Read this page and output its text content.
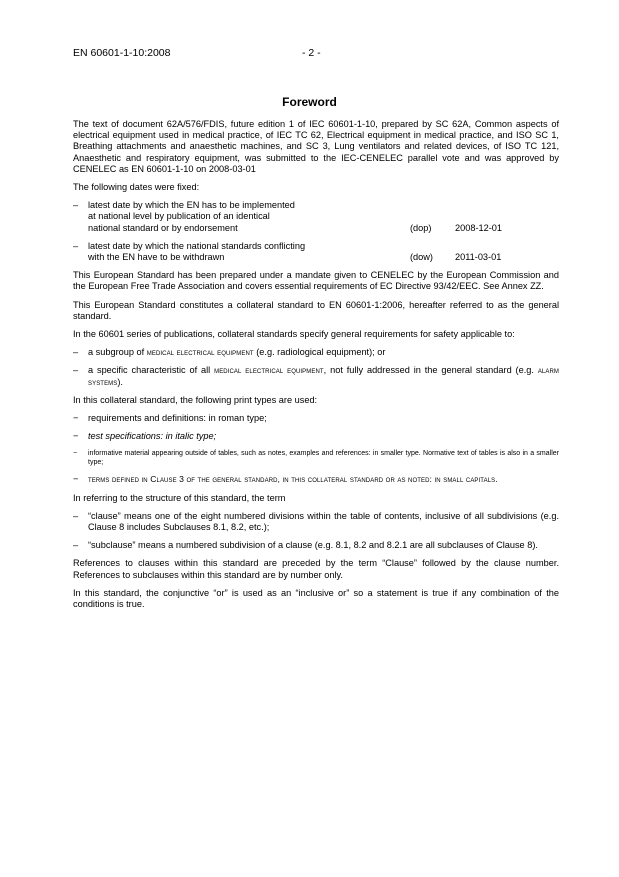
EN 60601-1-10:2008	- 2 -
Foreword

The text of document 62A/576/FDIS, future edition 1 of IEC 60601-1-10, prepared by SC 62A, Common aspects of electrical equipment used in medical practice, of IEC TC 62, Electrical equipment in medical practice, and ISO SC 1, Breathing attachments and anaesthetic machines, and SC 3, Lung ventilators and related devices, of ISO TC 121, Anaesthetic and respiratory equipment, was submitted to the IEC-CENELEC parallel vote and was approved by CENELEC as EN 60601-1-10 on 2008-03-01

The following dates were fixed:

– latest date by which the EN has to be implemented
at national level by publication of an identical
national standard or by endorsement	(dop)	2008-12-01
– latest date by which the national standards conflicting
with the EN have to be withdrawn	(dow) 2011-03-01

This European Standard has been prepared under a mandate given to CENELEC by the European Commission and the European Free Trade Association and covers essential requirements of EC Directive 93/42/EEC. See Annex ZZ.

This European Standard constitutes a collateral standard to EN 60601-1:2006, hereafter referred to as the general standard.

In the 60601 series of publications, collateral standards specify general requirements for safety applicable to:

– a subgroup of medical electrical equipment (e.g. radiological equipment); or
– a specific characteristic of all medical electrical equipment, not fully addressed in the general standard (e.g. alarm systems).

In this collateral standard, the following print types are used:

− requirements and definitions: in roman type;
− test specifications: in italic type;
− informative material appearing outside of tables, such as notes, examples and references: in smaller type. Normative text of tables is also in a smaller type;
− terms defined in Clause 3 of the general standard, in this collateral standard or as noted: in small capitals.

In referring to the structure of this standard, the term

– “clause” means one of the eight numbered divisions within the table of contents, inclusive of all subdivisions (e.g. Clause 8 includes Subclauses 8.1, 8.2, etc.);
– “subclause” means a numbered subdivision of a clause (e.g. 8.1, 8.2 and 8.2.1 are all subclauses of Clause 8).

References to clauses within this standard are preceded by the term “Clause” followed by the clause number. References to subclauses within this standard are by number only.

In this standard, the conjunctive “or” is used as an “inclusive or” so a statement is true if any combination of the conditions is true.
